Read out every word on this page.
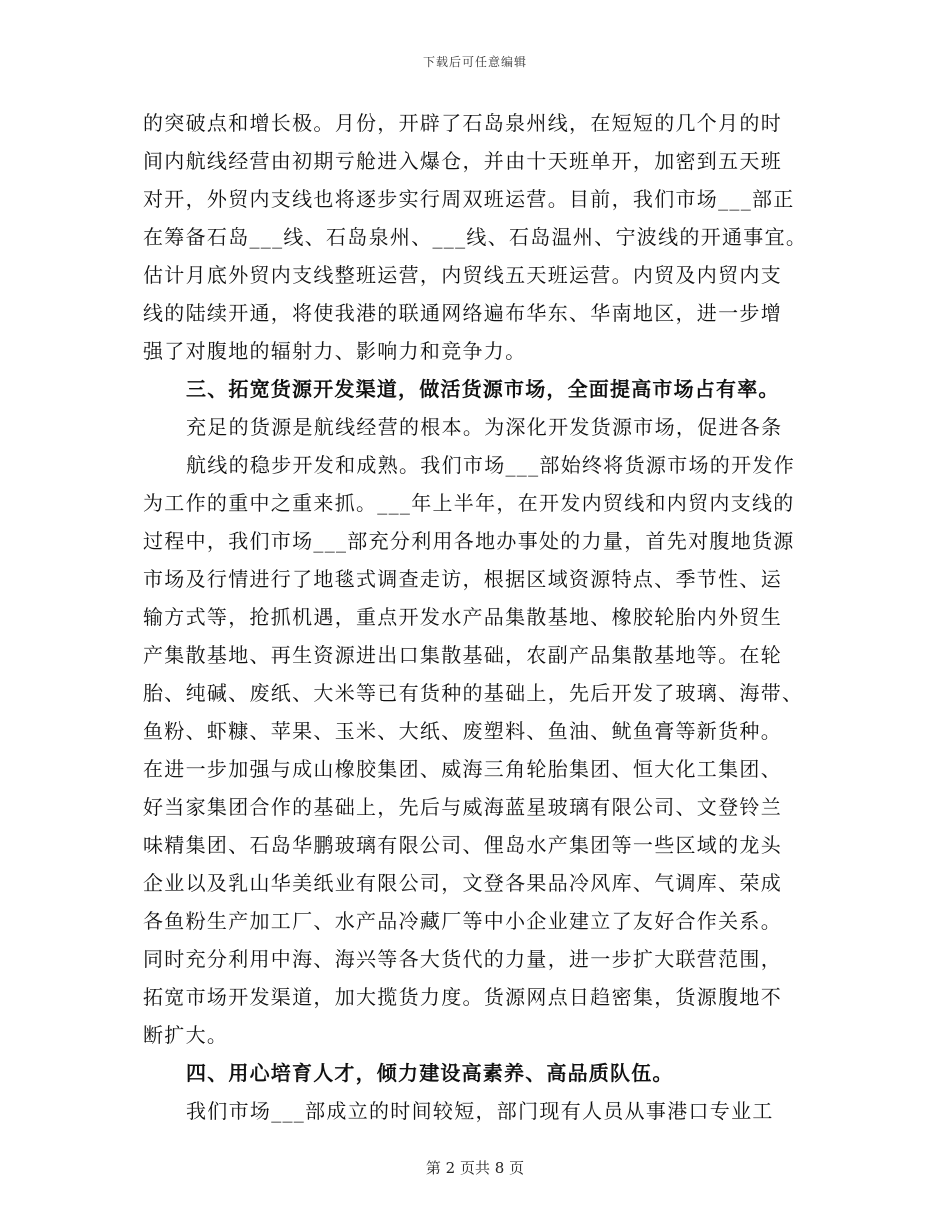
下载后可任意编辑
的突破点和增长极。月份，开辟了石岛泉州线，在短短的几个月的时
间内航线经营由初期亏舱进入爆仓，并由十天班单开，加密到五天班
对开，外贸内支线也将逐步实行周双班运营。目前，我们市场___部正
在筹备石岛___线、石岛泉州、___线、石岛温州、宁波线的开通事宜。
估计月底外贸内支线整班运营，内贸线五天班运营。内贸及内贸内支
线的陆续开通，将使我港的联通网络遍布华东、华南地区，进一步增
强了对腹地的辐射力、影响力和竞争力。
三、拓宽货源开发渠道，做活货源市场，全面提高市场占有率。
充足的货源是航线经营的根本。为深化开发货源市场，促进各条
航线的稳步开发和成熟。我们市场___部始终将货源市场的开发作
为工作的重中之重来抓。___年上半年，在开发内贸线和内贸内支线的
过程中，我们市场___部充分利用各地办事处的力量，首先对腹地货源
市场及行情进行了地毯式调查走访，根据区域资源特点、季节性、运
输方式等，抢抓机遇，重点开发水产品集散基地、橡胶轮胎内外贸生
产集散基地、再生资源进出口集散基础，农副产品集散基地等。在轮
胎、纯碱、废纸、大米等已有货种的基础上，先后开发了玻璃、海带、
鱼粉、虾糠、苹果、玉米、大纸、废塑料、鱼油、鱿鱼膏等新货种。
在进一步加强与成山橡胶集团、威海三角轮胎集团、恒大化工集团、
好当家集团合作的基础上，先后与威海蓝星玻璃有限公司、文登铃兰
味精集团、石岛华鹏玻璃有限公司、俚岛水产集团等一些区域的龙头
企业以及乳山华美纸业有限公司，文登各果品冷风库、气调库、荣成
各鱼粉生产加工厂、水产品冷藏厂等中小企业建立了友好合作关系。
同时充分利用中海、海兴等各大货代的力量，进一步扩大联营范围，
拓宽市场开发渠道，加大揽货力度。货源网点日趋密集，货源腹地不
断扩大。
四、用心培育人才，倾力建设高素养、高品质队伍。
我们市场___部成立的时间较短，部门现有人员从事港口专业工
第 2 页共 8 页
